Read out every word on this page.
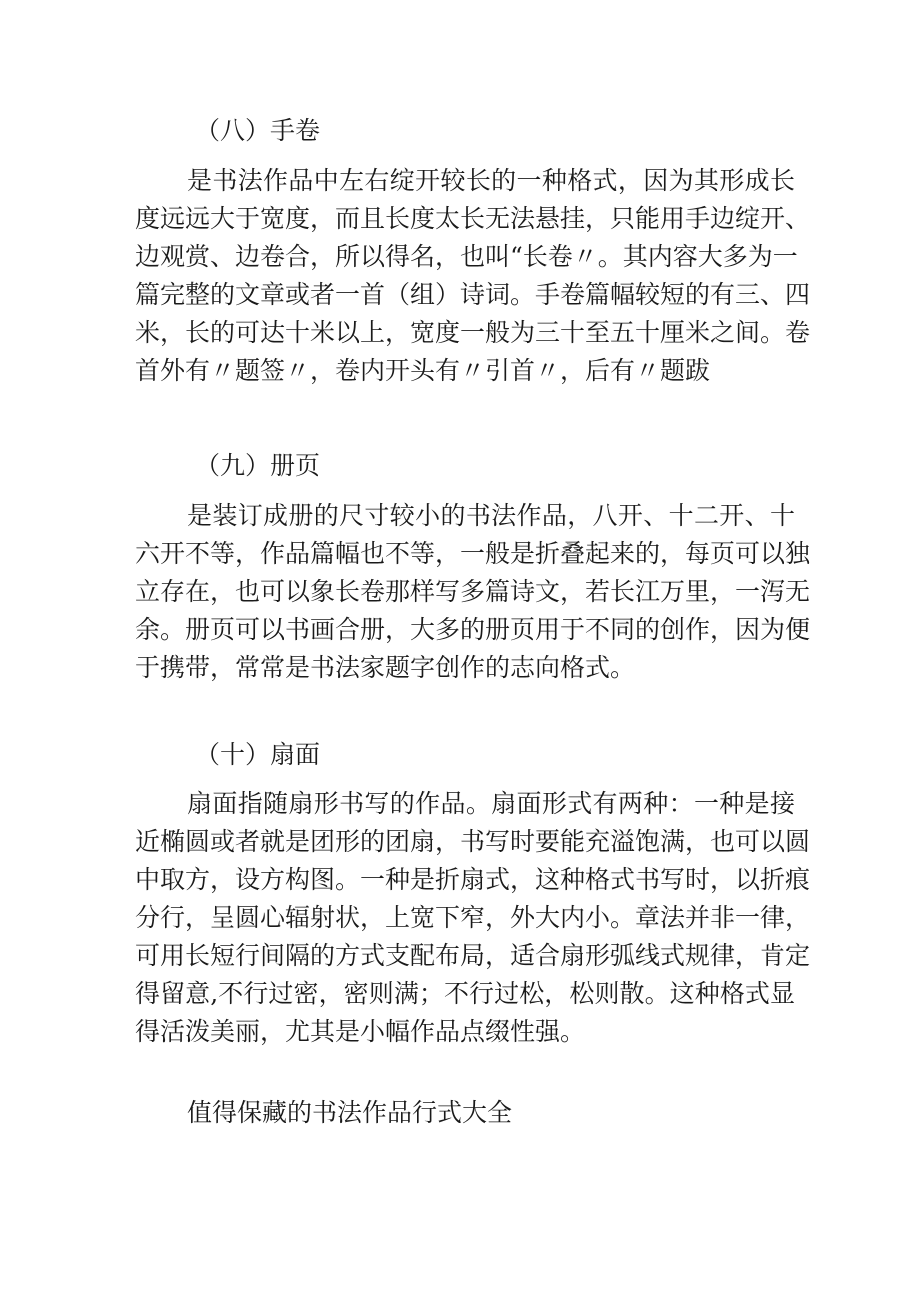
（八）手卷
是书法作品中左右绽开较长的一种格式，因为其形成长
度远远大于宽度，而且长度太长无法悬挂，只能用手边绽开、
边观赏、边卷合，所以得名，也叫“长卷〃。其内容大多为一
篇完整的文章或者一首（组）诗词。手卷篇幅较短的有三、四
米，长的可达十米以上，宽度一般为三十至五十厘米之间。卷
首外有〃题签〃，卷内开头有〃引首〃，后有〃题跋
（九）册页
是装订成册的尺寸较小的书法作品，八开、十二开、十
六开不等，作品篇幅也不等，一般是折叠起来的，每页可以独
立存在，也可以象长卷那样写多篇诗文，若长江万里，一泻无
余。册页可以书画合册，大多的册页用于不同的创作，因为便
于携带，常常是书法家题字创作的志向格式。
（十）扇面
扇面指随扇形书写的作品。扇面形式有两种：一种是接
近椭圆或者就是团形的团扇，书写时要能充溢饱满，也可以圆
中取方，设方构图。一种是折扇式，这种格式书写时，以折痕
分行，呈圆心辐射状，上宽下窄，外大内小。章法并非一律，
可用长短行间隔的方式支配布局，适合扇形弧线式规律，肯定
得留意,不行过密，密则满；不行过松，松则散。这种格式显
得活泼美丽，尤其是小幅作品点缀性强。

值得保藏的书法作品行式大全
